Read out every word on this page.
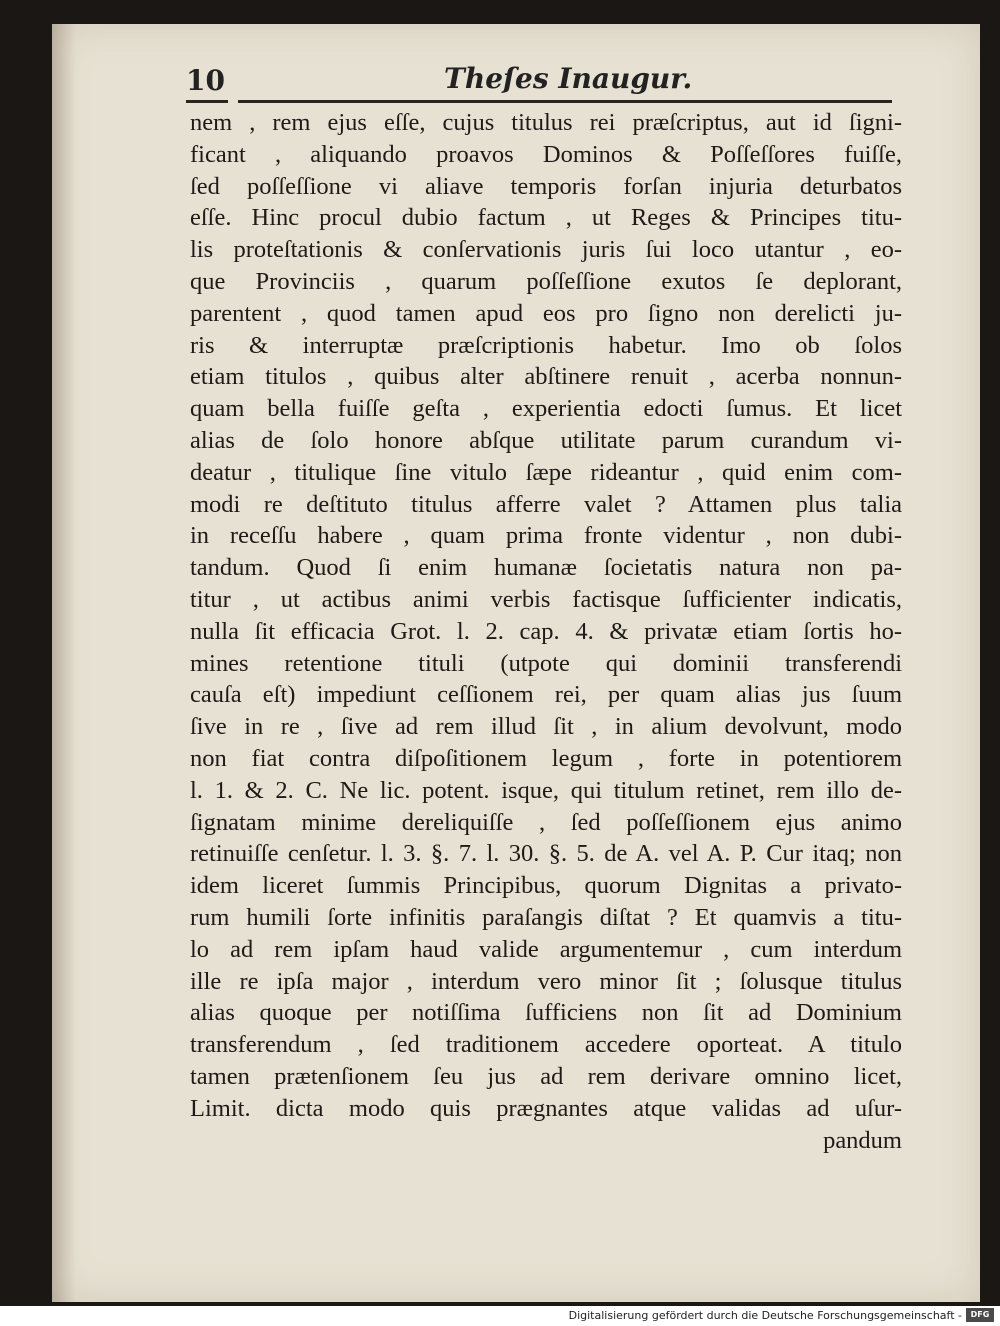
10	Theſes Inaugur.
nem , rem ejus eſſe, cujus titulus rei præſcriptus, aut id ſigni-
ficant , aliquando proavos Dominos & Poſſeſſores fuiſſe,
ſed poſſeſſione vi aliave temporis forſan injuria deturbatos
eſſe. Hinc procul dubio factum , ut Reges & Principes titu-
lis proteſtationis & conſervationis juris ſui loco utantur , eo-
que Provinciis , quarum poſſeſſione exutos ſe deplorant,
parentent , quod tamen apud eos pro ſigno non derelicti ju-
ris & interruptæ præſcriptionis habetur. Imo ob ſolos
etiam titulos , quibus alter abſtinere renuit , acerba nonnun-
quam bella fuiſſe geſta , experientia edocti ſumus. Et licet
alias de ſolo honore abſque utilitate parum curandum vi-
deatur , titulique ſine vitulo ſæpe rideantur , quid enim com-
modi re deſtituto titulus afferre valet ? Attamen plus talia
in receſſu habere , quam prima fronte videntur , non dubi-
tandum. Quod ſi enim humanæ ſocietatis natura non pa-
titur , ut actibus animi verbis factisque ſufficienter indicatis,
nulla ſit efficacia Grot. l. 2. cap. 4. & privatæ etiam ſortis ho-
mines retentione tituli (utpote qui dominii transferendi
cauſa eſt) impediunt ceſſionem rei, per quam alias jus ſuum
ſive in re , ſive ad rem illud ſit , in alium devolvunt, modo
non fiat contra diſpoſitionem legum , forte in potentiorem
l. 1. & 2. C. Ne lic. potent. isque, qui titulum retinet, rem illo de-
ſignatam minime dereliquiſſe , ſed poſſeſſionem ejus animo
retinuiſſe cenſetur. l. 3. §. 7. l. 30. §. 5. de A. vel A. P. Cur itaq; non
idem liceret ſummis Principibus, quorum Dignitas a privato-
rum humili ſorte infinitis paraſangis diſtat ? Et quamvis a titu-
lo ad rem ipſam haud valide argumentemur , cum interdum
ille re ipſa major , interdum vero minor ſit ; ſolusque titulus
alias quoque per notiſſima ſufficiens non ſit ad Dominium
transferendum , ſed traditionem accedere oporteat. A titulo
tamen prætenſionem ſeu jus ad rem derivare omnino licet,
Limit. dicta modo quis prægnantes atque validas ad uſur-
pandum
Digitalisierung gefördert durch die Deutsche Forschungsgemeinschaft -	DFG
